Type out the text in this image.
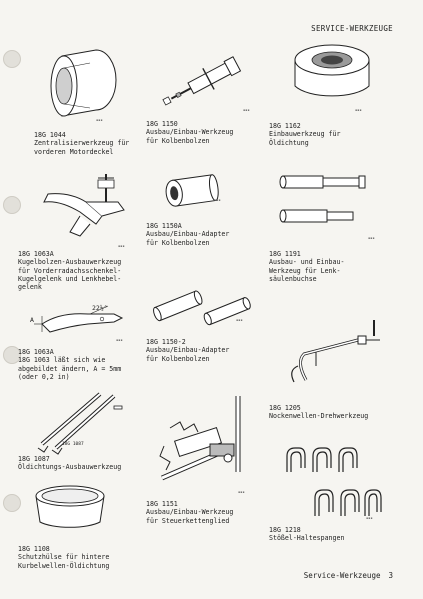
SERVICE-WERKZEUGE
▪▪▪
18G 1044
Zentralisierwerkzeug für
vorderen Motordeckel
▪▪▪
18G 1150
Ausbau/Einbau-Werkzeug
für Kolbenbolzen
▪▪▪
18G 1162
Einbauwerkzeug für
Öldichtung
▪▪▪
18G 1063A
Kugelbolzen-Ausbauwerkzeug
für Vorderradachsschenkel-
Kugelgelenk und Lenkhebel-
gelenk
▪▪▪
18G 1150A
Ausbau/Einbau-Adapter
für Kolbenbolzen
▪▪▪
18G 1191
Ausbau- und Einbau-
Werkzeug für Lenk-
säulenbuchse
22½°
A
▪▪▪
18G 1063A
18G 1063 läßt sich wie
abgebildet ändern, A = 5mm
(oder 0,2 in)
▪▪▪
18G 1150-2
Ausbau/Einbau-Adapter
für Kolbenbolzen
18G 1205
Nockenwellen-Drehwerkzeug
18G 1087
18G 1087
Öldichtungs-Ausbauwerkzeug
▪▪▪
18G 1151
Ausbau/Einbau-Werkzeug
für Steuerkettenglied	▪▪▪
18G 1218
Stößel-Haltespangen
18G 1108
Schutzhülse für hintere
Kurbelwellen-Öldichtung
Service-Werkzeuge 3
